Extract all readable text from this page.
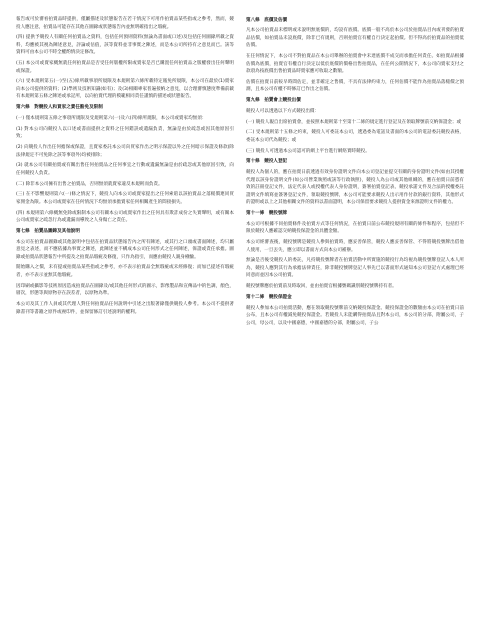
報告或可於審看拍賣品時提供，僅屬描述及狀態報告在若干情況下可用作拍賣品某些指或之參考，然而，競投人應注意，拍賣品可能存在其他在圖錄或狀態報告內並無明確指出之瑕疵。

(四) 提供予競投人有關任何拍賣品之資料，包括任何預則資料(無論為書面或口述)及包括任何圖錄所載之資料，均應被其視為陳述意見，評論或估值，該等資料並非事實之陳述，而是本公司所持有之意見而已。該等資料可由本公司不時全權酌情決定修改。

(五) 本公司或賣家概無就任何拍賣品是否受任何版權所限或賣家是否已購置任何拍賣品之版權發出任何聲明或保證。

(六) 受本規則第五(一)至(五)條所載事項所規限及本規則第六條所載特定賬免所規限，本公司在最於(1)賣家向本公司提供的資料；(2)學術及技術知識(如有)；及(3)相關專家普遍接納之意見，以合理審慎態度準備前載有本規則第五條之陳述或承記所，以向拍賣代理的模範相同責任謹慎的描述或狀態報告。

第六條　對競投人和買家之責任豁免及限制

(一) 僅本規則第五條之事項所規限及受規則第六(一)及六(四)條所規限，本公司或賣家均無須：

(1) 對本公司向競投人以口述或書面提供之資料之任何錯誤或遺漏負責，無論是由於疏忽或因其他原因引致；

(2) 向競投人作出任何擔保或保證，且賣家委託本公司向買家作出之明示保證以外之任何暗示保證及條款(除法律規定不可免除之該等事項外)均被排除；

(3) 就本公司有關拍賣或有關出售任何拍賣品之任何事宜之行動或遺漏無論是由於疏忽或其他原因引致，向任何競投人負責。

(二) 除非本公司擁有出售之拍賣品，否則無須就賣家違反本規則而負責。

(三) 在不影響規則第六(一)條之情況下，競投人向本公司或賣家提出之任何索賠以該拍賣品之落槌價連同買家佣金為限。本公司或賣家在任何情況下均無須承擔賣家任何相關產生的間接損失。

(四) 本規則第六條概無免除或限制本公司有關本公司或賣家作出之任何具有欺詐成份之失實聲明，或有關本公司或賣家之疏忽行為或遺漏而導致之人身傷亡之責任。

第七條　拍賣品圖錄及其他說明

本公司在拍賣品圖錄或其他說明中包括在拍賣品狀態報告內之所有陳述，或其行之口頭或書面陳述，均只屬意見之表述，而不應依據為事實之陳述，此陳述並不構成本公司任何形式之任何陳述，保證或責任承擔。圖錄或拍賣品狀態報告中所提及之拍賣品瑕疵及修復，只作為指引，而應由競投人親身檢驗。

開始購入之價，未有提或拍賣品某些指或之參考，亦不表示拍賣品全無瑕疵或未經修復；而加已提述有瑕疵者，亦不表示並無其他瑕疵。

因印刷或攝影等技術原因造成拍賣品在圖錄及/或其他任何形式的圖示，影像製品和宣傳品中的色調，顏色，層次，形態等與原物存在誤差者，以原物為準。

本公司及其工作人員或其代理人對任何拍賣品任何說明中引述之出版著錄僅供競投人參考。本公司不提供著錄書刊等書籍之原件或複印件，並保留修訂引述說明的權利。

第八條　底價及估價

凡本公司拍賣品未標明或未說明無底價的，均設有底價。底價一般不高於本公司於拍賣品目內或刊發的拍賣品估價，如拍賣品未設底價，除非已有規則，否則拍賣官有權自行決定起拍價。但不得高於拍賣品的拍賣低估價。

在任何情況下，本公司不對拍賣品在本公司舉辦的拍賣會中未達底價不成交而承擔任何責任。如拍賣品根據估價為底價，拍賣官有權自行決定以低於底價的價格出售拍賣品，在任何公開情況下，本公司向賣家支付之款項為按底價出售拍賣品時賣家應可收取之數額。

估價在拍賣日前較早時間估定，並非確定之售價，不具有法律約束力，任何估價不能作為拍賣品落槌價之預測，且本公司有權不時修訂已作出之估價。

第九條　拍賣會上競投出價

競投人可以透過以下方式競投出價：

(一) 競投人親自出席拍賣會，並按照本規則第十至第十二條的規定進行登記及在領取牌號前交納保證金；或

(二) 受本規則第十五條之約束，競投人可委託本公司，透過委為電話及書面的本公司的電話委託競投表格，委託本公司代為競投；或

(三) 競投人可透過本公司認可的網上平台進行網絡實時競投。

第十條　競投人登記

競投人為個人的，應在拍賣日前透過有效身份證明文件向本公司登記並提交有關的身份證明文件(如由其授權代理以該身份證明文件(如公司營業執照或該等行政執照)，競投人為公司或其他組織的，應在拍賣日前憑有效的註冊登記文件，法定代表人或授權代表人身份證明，簽署拍賣登記表、競投承諾文件及合法的授權委託證明文件填寫並簽署登記文件，領取競投號牌，本公司可能要求競投人出示用作付款的銀行資料，其他形式的證明或以上之其他相關文件的資料以書面證明，本公司保留要求競投人提供資金來源證明文件的權力。

第十一條　競投號牌

本公司可根據不同拍賣條件及拍賣方式等任何情況，在拍賣日前公布競投規則有關的條件和程序，包括但不限於競投人應確認交納競投保證金的具體金額。

本公司經審查後，競投號牌是競投人參與拍賣時，應妥善保管，競投人應妥善保管、不得將競投號牌出借他人使用，一旦丟失，應立即以書面方式向本公司補辦。

無論是否後受競投人的委託，凡持競投號牌者在拍賣活動中所實施的競投行為均視為競投號牌登記人本人所為，競投人應對其行為承擔法律責任，除非競投號牌登記人事先已以書面形式通知本公司登記方式處理已經同意而並因本公司拍賣。

競投號牌應於拍賣前及時取回，並由拍賣官根據號碼識別競投號牌持有者。

第十二條　競投保證金

競投人參加本公司拍賣活動，應在領取競投號牌前交納競投保證金。競投保證金的數額由本公司在拍賣日前公布，且本公司有權減免競投保證金。若競投人未能購得拍賣品且對本公司，本公司的分部，附屬公司，子公司，母公司，以及中國嘉德，中國嘉德的分部，附屬公司，子公
